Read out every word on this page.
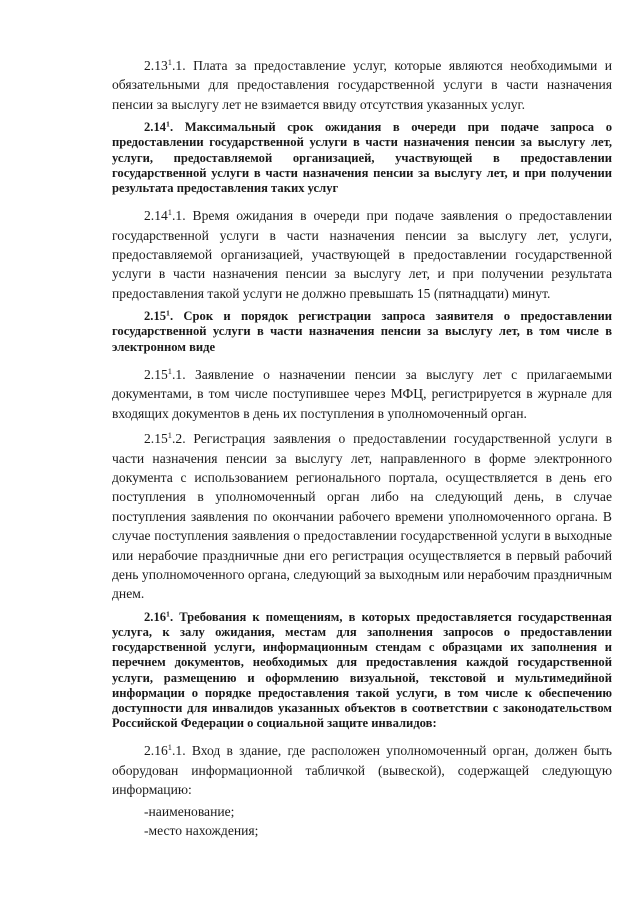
2.13$^1$.1. Плата за предоставление услуг, которые являются необходимыми и обязательными для предоставления государственной услуги в части назначения пенсии за выслугу лет не взимается ввиду отсутствия указанных услуг.

2.14$^1$. Максимальный срок ожидания в очереди при подаче запроса о предоставлении государственной услуги в части назначения пенсии за выслугу лет, услуги, предоставляемой организацией, участвующей в предоставлении государственной услуги в части назначения пенсии за выслугу лет, и при получении результата предоставления таких услуг

2.14$^1$.1. Время ожидания в очереди при подаче заявления о предоставлении государственной услуги в части назначения пенсии за выслугу лет, услуги, предоставляемой организацией, участвующей в предоставлении государственной услуги в части назначения пенсии за выслугу лет, и при получении результата предоставления такой услуги не должно превышать 15 (пятнадцати) минут.

2.15$^1$. Срок и порядок регистрации запроса заявителя о предоставлении государственной услуги в части назначения пенсии за выслугу лет, в том числе в электронном виде

2.15$^1$.1. Заявление о назначении пенсии за выслугу лет с прилагаемыми документами, в том числе поступившее через МФЦ, регистрируется в журнале для входящих документов в день их поступления в уполномоченный орган.

2.15$^1$.2. Регистрация заявления о предоставлении государственной услуги в части назначения пенсии за выслугу лет, направленного в форме электронного документа с использованием регионального портала, осуществляется в день его поступления в уполномоченный орган либо на следующий день, в случае поступления заявления по окончании рабочего времени уполномоченного органа. В случае поступления заявления о предоставлении государственной услуги в выходные или нерабочие праздничные дни его регистрация осуществляется в первый рабочий день уполномоченного органа, следующий за выходным или нерабочим праздничным днем.

2.16$^1$. Требования к помещениям, в которых предоставляется государственная услуга, к залу ожидания, местам для заполнения запросов о предоставлении государственной услуги, информационным стендам с образцами их заполнения и перечнем документов, необходимых для предоставления каждой государственной услуги, размещению и оформлению визуальной, текстовой и мультимедийной информации о порядке предоставления такой услуги, в том числе к обеспечению доступности для инвалидов указанных объектов в соответствии с законодательством Российской Федерации о социальной защите инвалидов:

2.16$^1$.1. Вход в здание, где расположен уполномоченный орган, должен быть оборудован информационной табличкой (вывеской), содержащей следующую информацию:

-наименование;

-место нахождения;
